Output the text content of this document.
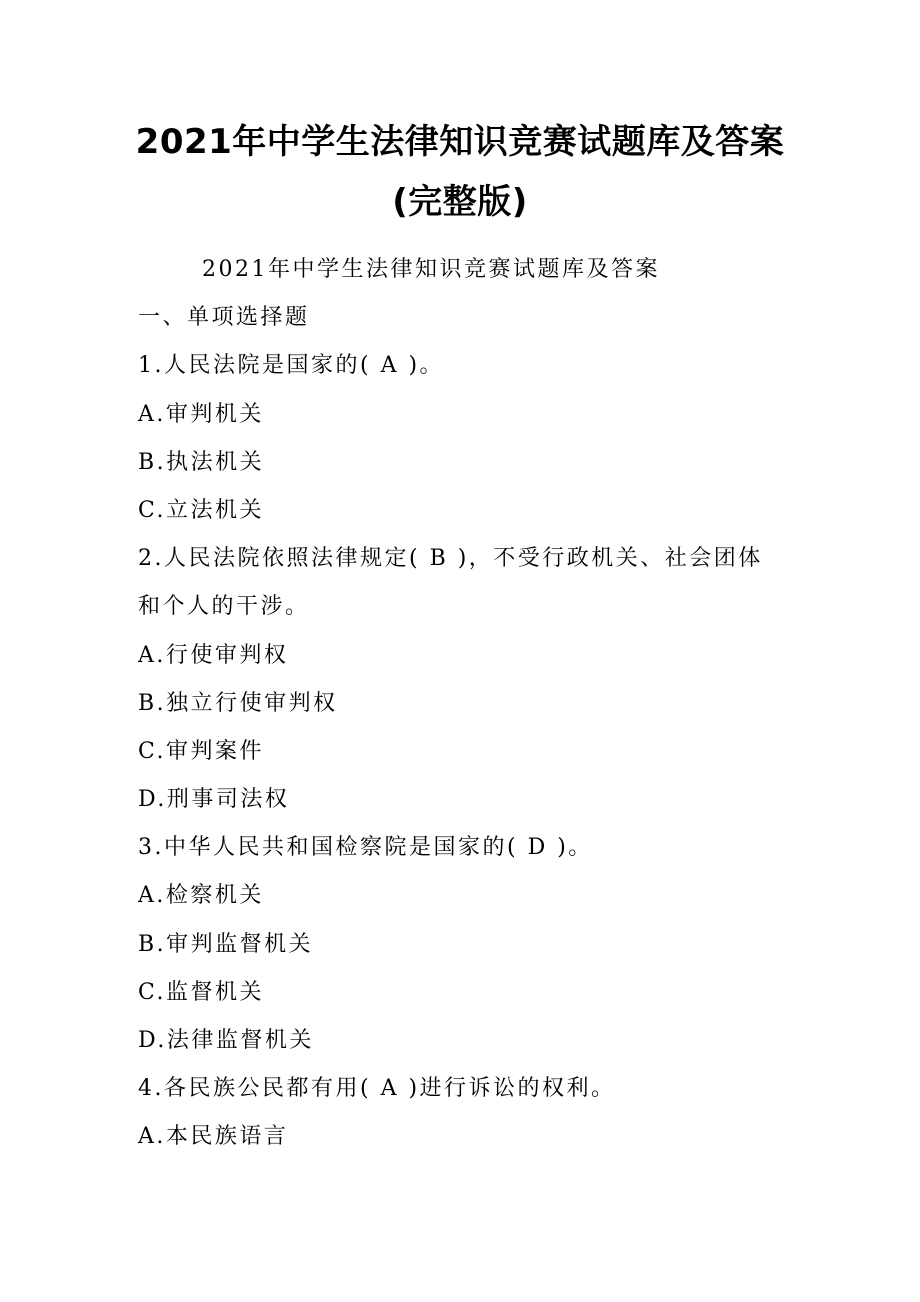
2021年中学生法律知识竞赛试题库及答案
(完整版)
2021年中学生法律知识竞赛试题库及答案
一、单项选择题
1.人民法院是国家的( A )。
A.审判机关
B.执法机关
C.立法机关
2.人民法院依照法律规定( B )，不受行政机关、社会团体
和个人的干涉。
A.行使审判权
B.独立行使审判权
C.审判案件
D.刑事司法权
3.中华人民共和国检察院是国家的( D )。
A.检察机关
B.审判监督机关
C.监督机关
D.法律监督机关
4.各民族公民都有用( A )进行诉讼的权利。
A.本民族语言
